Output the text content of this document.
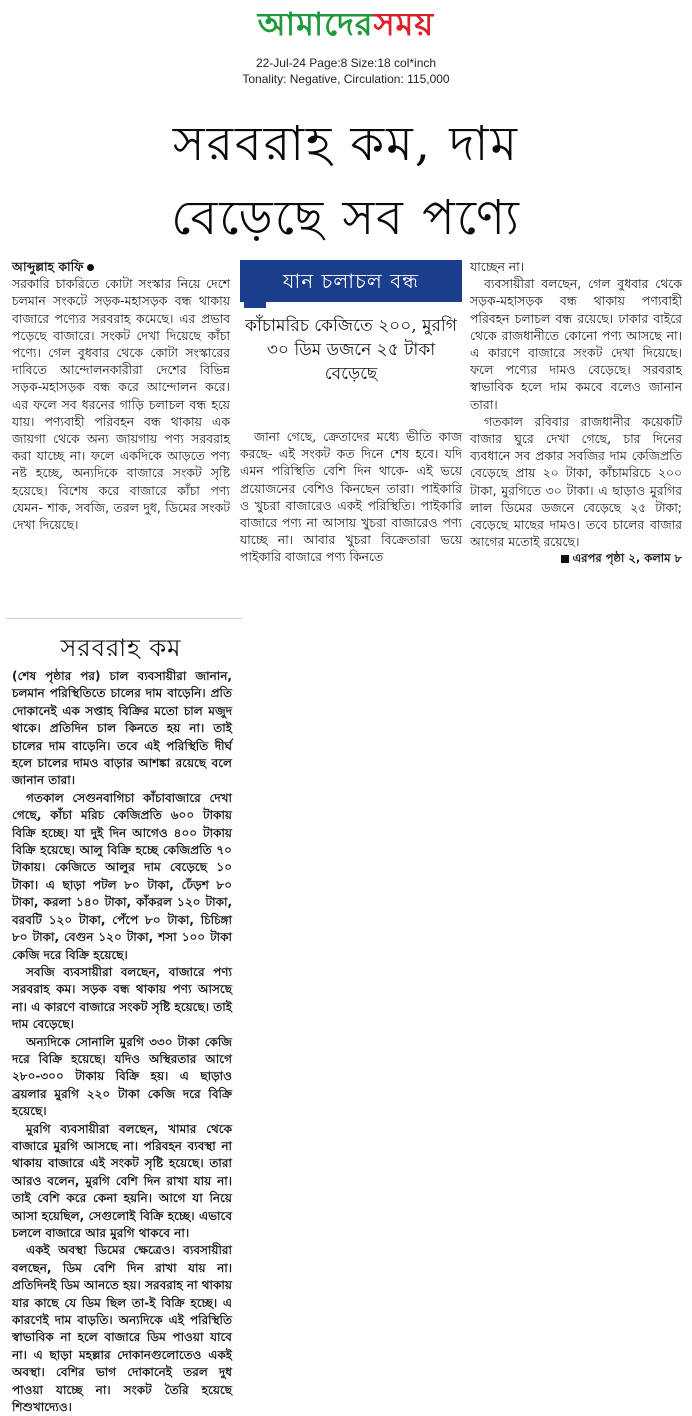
আমাদেরসময়
22-Jul-24 Page:8 Size:18 col*inch
Tonality: Negative, Circulation: 115,000
সরবরাহ কম, দাম
বেড়েছে সব পণ্যে

আব্দুল্লাহ কাফি

সরকারি চাকরিতে কোটা সংস্কার নিয়ে দেশে চলমান সংকটে সড়ক-মহাসড়ক বন্ধ থাকায় বাজারে পণ্যের সরবরাহ কমেছে। এর প্রভাব পড়েছে বাজারে। সংকট দেখা দিয়েছে কাঁচা পণ্যে। গেল বুধবার থেকে কোটা সংস্কারের দাবিতে আন্দোলনকারীরা দেশের বিভিন্ন সড়ক-মহাসড়ক বন্ধ করে আন্দোলন করে। এর ফলে সব ধরনের গাড়ি চলাচল বন্ধ হয়ে যায়। পণ্যবাহী পরিবহন বন্ধ থাকায় এক জায়গা থেকে অন্য জায়গায় পণ্য সরবরাহ করা যাচ্ছে না। ফলে একদিকে আড়তে পণ্য নষ্ট হচ্ছে, অন্যদিকে বাজারে সংকট সৃষ্টি হয়েছে। বিশেষ করে বাজারে কাঁচা পণ্য যেমন- শাক, সবজি, তরল দুধ, ডিমের সংকট দেখা দিয়েছে।

যান চলাচল বন্ধ
কাঁচামরিচ কেজিতে ২০০, মুরগি ৩০ ডিম ডজনে ২৫ টাকা বেড়েছে

জানা গেছে, ক্রেতাদের মধ্যে ভীতি কাজ করছে- এই সংকট কত দিনে শেষ হবে। যদি এমন পরিস্থিতি বেশি দিন থাকে- এই ভয়ে প্রয়োজনের বেশিও কিনছেন তারা। পাইকারি ও খুচরা বাজারেও একই পরিস্থিতি। পাইকারি বাজারে পণ্য না আসায় খুচরা বাজারেও পণ্য যাচ্ছে না। আবার খুচরা বিক্রেতারা ভয়ে পাইকারি বাজারে পণ্য কিনতে

যাচ্ছেন না।

ব্যবসায়ীরা বলছেন, গেল বুধবার থেকে সড়ক-মহাসড়ক বন্ধ থাকায় পণ্যবাহী পরিবহন চলাচল বন্ধ রয়েছে। ঢাকার বাইরে থেকে রাজধানীতে কোনো পণ্য আসছে না। এ কারণে বাজারে সংকট দেখা দিয়েছে। ফলে পণ্যের দামও বেড়েছে। সরবরাহ স্বাভাবিক হলে দাম কমবে বলেও জানান তারা।

গতকাল রবিবার রাজধানীর কয়েকটি বাজার ঘুরে দেখা গেছে, চার দিনের ব্যবধানে সব প্রকার সবজির দাম কেজিপ্রতি বেড়েছে প্রায় ২০ টাকা, কাঁচামরিচে ২০০ টাকা, মুরগিতে ৩০ টাকা। এ ছাড়াও মুরগির লাল ডিমের ডজনে বেড়েছে ২৫ টাকা; বেড়েছে মাছের দামও। তবে চালের বাজার আগের মতোই রয়েছে।

এরপর পৃষ্ঠা ২, কলাম ৮

সরবরাহ কম

(শেষ পৃষ্ঠার পর) চাল ব্যবসায়ীরা জানান, চলমান পরিস্থিতিতে চালের দাম বাড়েনি। প্রতি দোকানেই এক সপ্তাহ বিক্রির মতো চাল মজুদ থাকে। প্রতিদিন চাল কিনতে হয় না। তাই চালের দাম বাড়েনি। তবে এই পরিস্থিতি দীর্ঘ হলে চালের দামও বাড়ার আশঙ্কা রয়েছে বলে জানান তারা।

গতকাল সেগুনবাগিচা কাঁচাবাজারে দেখা গেছে, কাঁচা মরিচ কেজিপ্রতি ৬০০ টাকায় বিক্রি হচ্ছে। যা দুই দিন আগেও ৪০০ টাকায় বিক্রি হয়েছে। আলু বিক্রি হচ্ছে কেজিপ্রতি ৭০ টাকায়। কেজিতে আলুর দাম বেড়েছে ১০ টাকা। এ ছাড়া পটল ৮০ টাকা, ঢেঁড়শ ৮০ টাকা, করলা ১৪০ টাকা, কাঁকরল ১২০ টাকা, বরবটি ১২০ টাকা, পেঁপে ৮০ টাকা, চিচিঙ্গা ৮০ টাকা, বেগুন ১২০ টাকা, শসা ১০০ টাকা কেজি দরে বিক্রি হয়েছে।

সবজি ব্যবসায়ীরা বলছেন, বাজারে পণ্য সরবরাহ কম। সড়ক বন্ধ থাকায় পণ্য আসছে না। এ কারণে বাজারে সংকট সৃষ্টি হয়েছে। তাই দাম বেড়েছে।

অন্যদিকে সোনালি মুরগি ৩৩০ টাকা কেজি দরে বিক্রি হয়েছে। যদিও অস্থিরতার আগে ২৮০-৩০০ টাকায় বিক্রি হয়। এ ছাড়াও ব্রয়লার মুরগি ২২০ টাকা কেজি দরে বিক্রি হয়েছে।

মুরগি ব্যবসায়ীরা বলছেন, খামার থেকে বাজারে মুরগি আসছে না। পরিবহন ব্যবস্থা না থাকায় বাজারে এই সংকট সৃষ্টি হয়েছে। তারা আরও বলেন, মুরগি বেশি দিন রাখা যায় না। তাই বেশি করে কেনা হয়নি। আগে যা নিয়ে আসা হয়েছিল, সেগুলোই বিক্রি হচ্ছে। এভাবে চললে বাজারে আর মুরগি থাকবে না।

একই অবস্থা ডিমের ক্ষেত্রেও। ব্যবসায়ীরা বলছেন, ডিম বেশি দিন রাখা যায় না। প্রতিদিনই ডিম আনতে হয়। সরবরাহ না থাকায় যার কাছে যে ডিম ছিল তা-ই বিক্রি হচ্ছে। এ কারণেই দাম বাড়তি। অন্যদিকে এই পরিস্থিতি স্বাভাবিক না হলে বাজারে ডিম পাওয়া যাবে না। এ ছাড়া মহল্লার দোকানগুলোতেও একই অবস্থা। বেশির ভাগ দোকানেই তরল দুধ পাওয়া যাচ্ছে না। সংকট তৈরি হয়েছে শিশুখাদ্যেও।
